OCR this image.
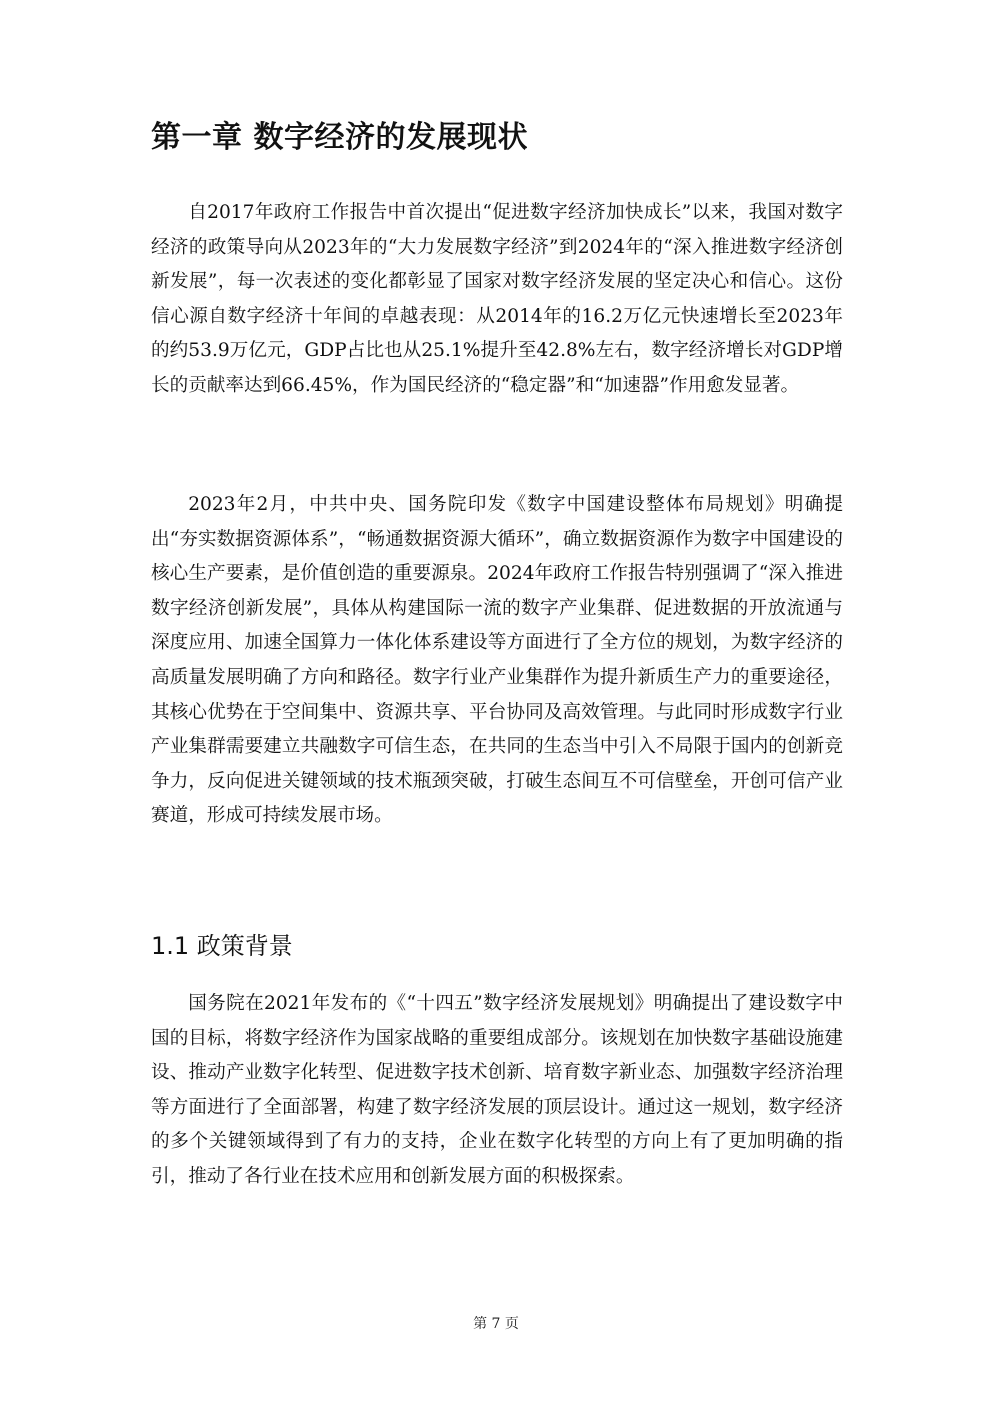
第一章 数字经济的发展现状

自2017年政府工作报告中首次提出“促进数字经济加快成长”以来，我国对数字经济的政策导向从2023年的“大力发展数字经济”到2024年的“深入推进数字经济创新发展”，每一次表述的变化都彰显了国家对数字经济发展的坚定决心和信心。这份信心源自数字经济十年间的卓越表现：从2014年的16.2万亿元快速增长至2023年的约53.9万亿元，GDP占比也从25.1%提升至42.8%左右，数字经济增长对GDP增长的贡献率达到66.45%，作为国民经济的“稳定器”和“加速器”作用愈发显著。

2023年2月，中共中央、国务院印发《数字中国建设整体布局规划》明确提出“夯实数据资源体系”，“畅通数据资源大循环”，确立数据资源作为数字中国建设的核心生产要素，是价值创造的重要源泉。2024年政府工作报告特别强调了“深入推进数字经济创新发展”，具体从构建国际一流的数字产业集群、促进数据的开放流通与深度应用、加速全国算力一体化体系建设等方面进行了全方位的规划，为数字经济的高质量发展明确了方向和路径。数字行业产业集群作为提升新质生产力的重要途径，其核心优势在于空间集中、资源共享、平台协同及高效管理。与此同时形成数字行业产业集群需要建立共融数字可信生态，在共同的生态当中引入不局限于国内的创新竞争力，反向促进关键领域的技术瓶颈突破，打破生态间互不可信壁垒，开创可信产业赛道，形成可持续发展市场。

1.1 政策背景

国务院在2021年发布的《“十四五”数字经济发展规划》明确提出了建设数字中国的目标，将数字经济作为国家战略的重要组成部分。该规划在加快数字基础设施建设、推动产业数字化转型、促进数字技术创新、培育数字新业态、加强数字经济治理等方面进行了全面部署，构建了数字经济发展的顶层设计。通过这一规划，数字经济的多个关键领域得到了有力的支持，企业在数字化转型的方向上有了更加明确的指引，推动了各行业在技术应用和创新发展方面的积极探索。

第 7 页
